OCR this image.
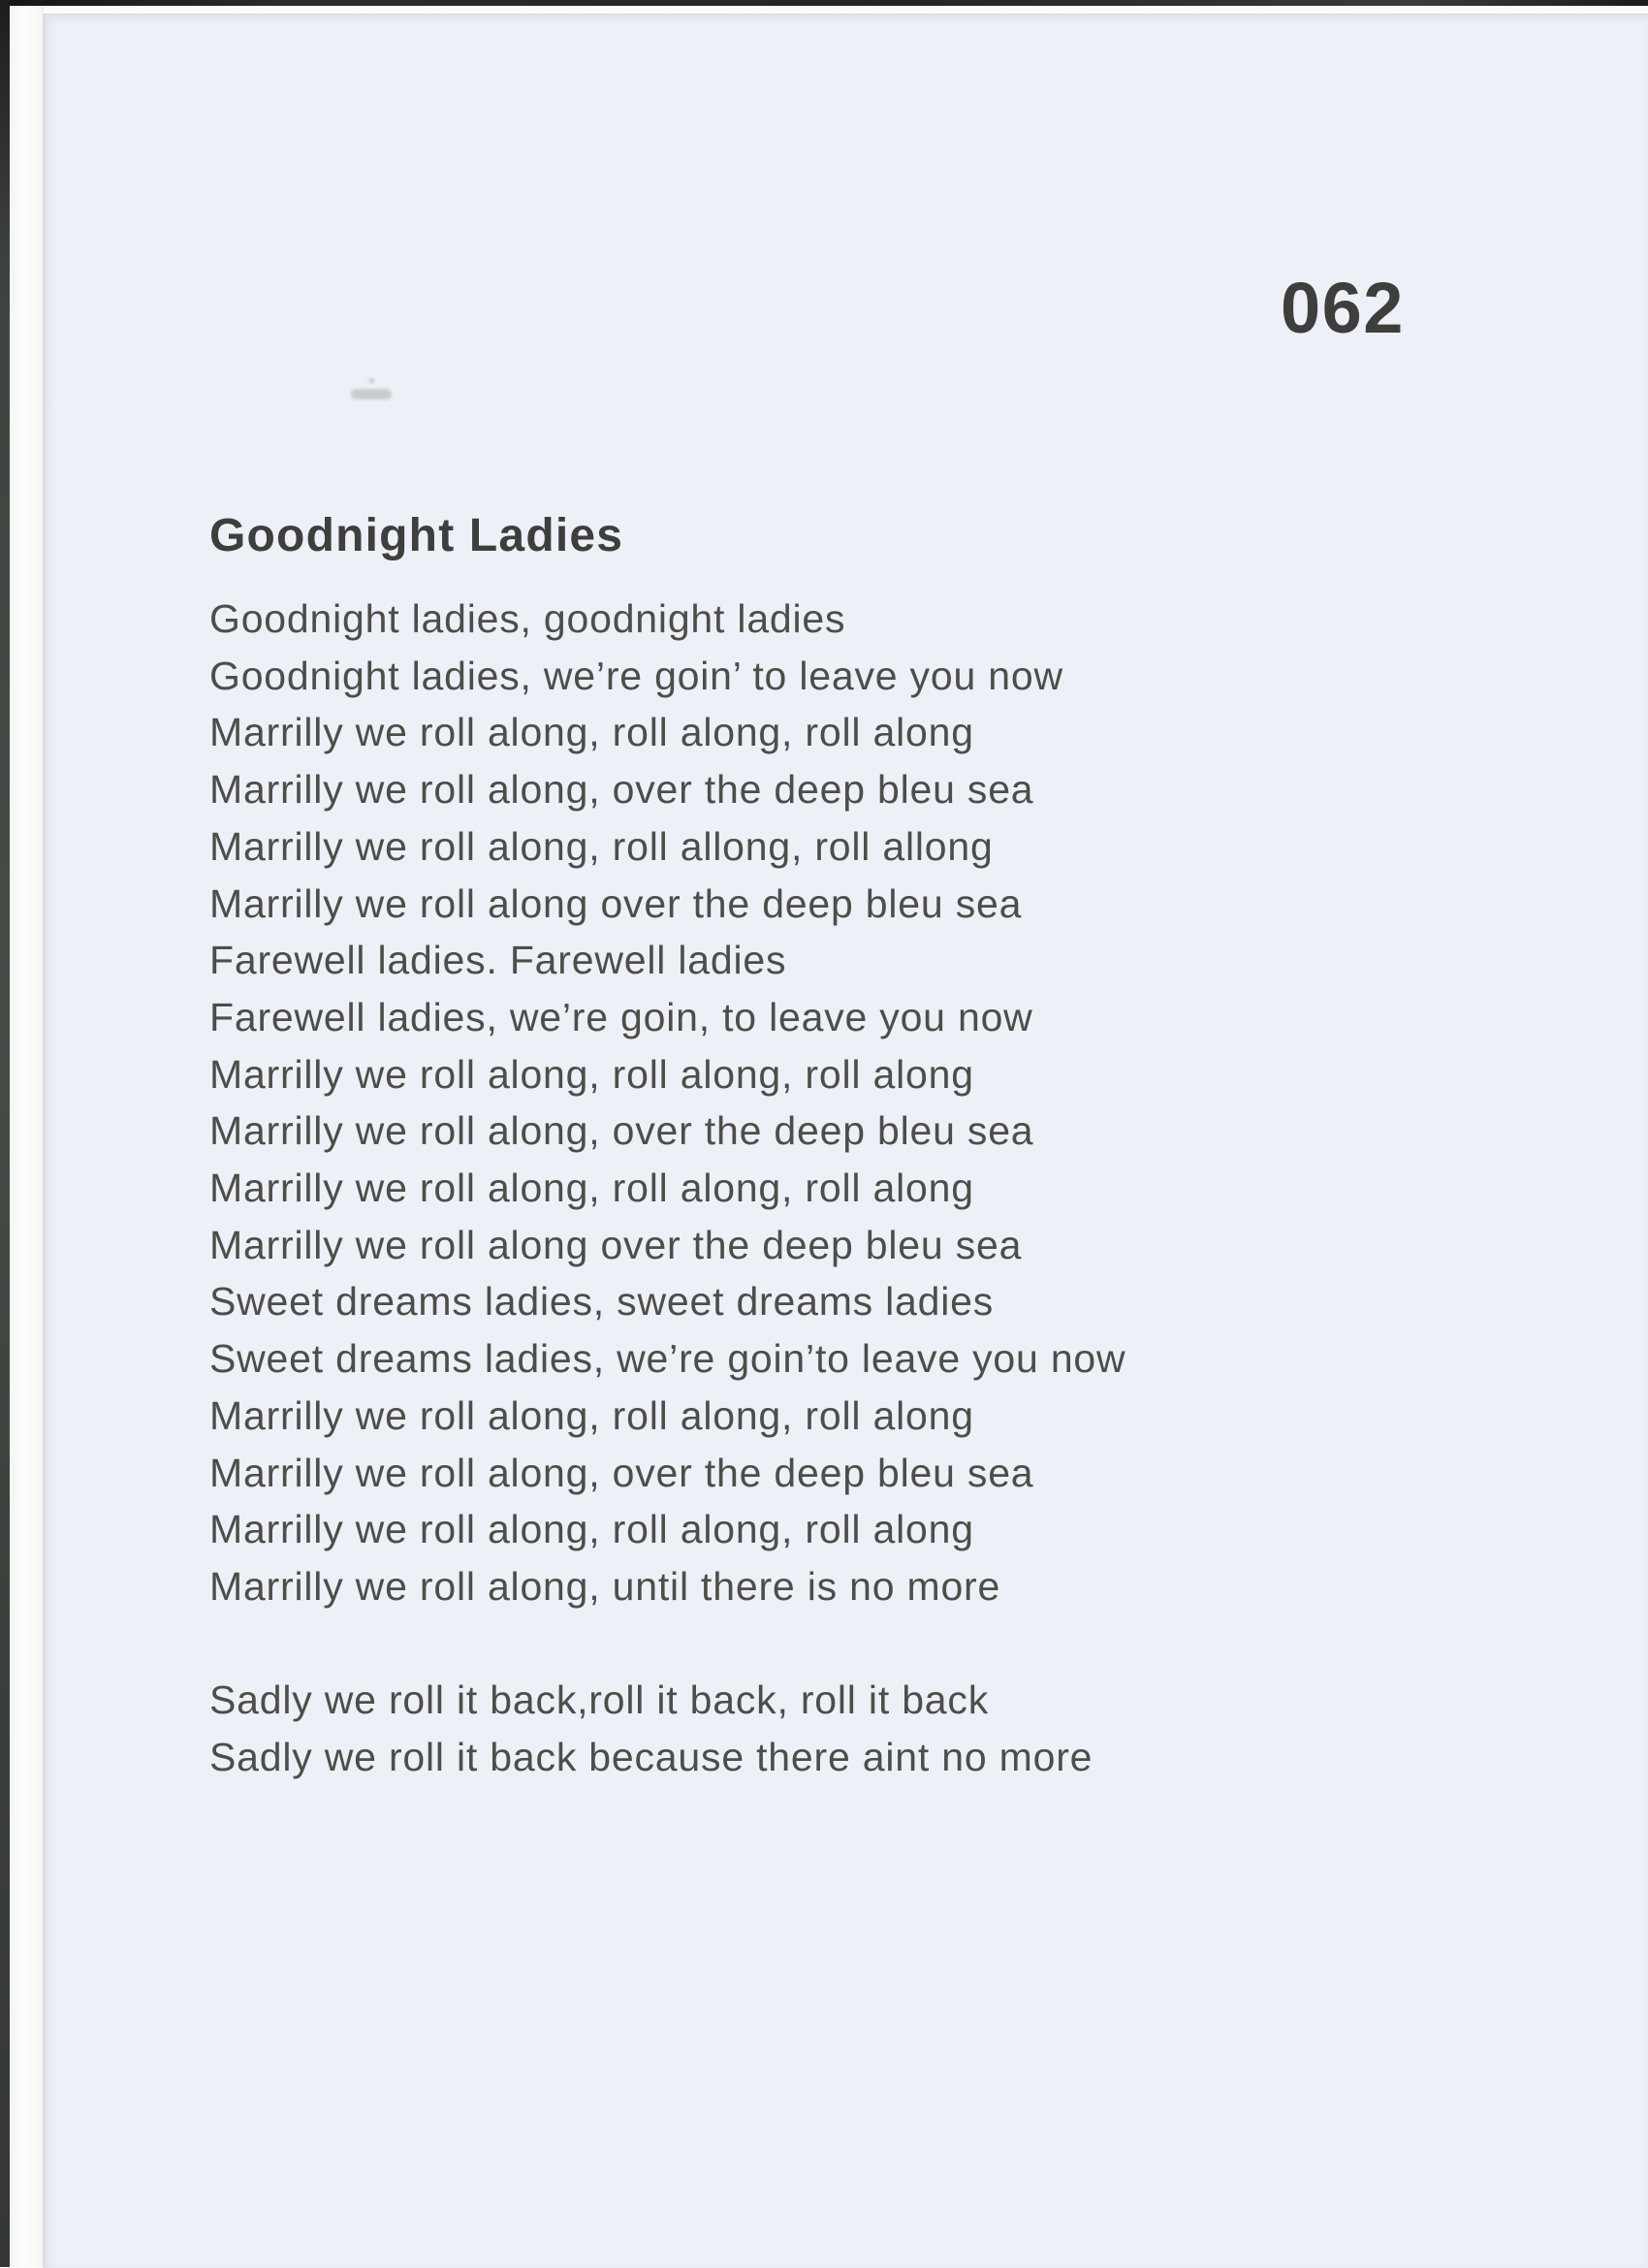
062
Goodnight Ladies
Goodnight ladies, goodnight ladies
Goodnight ladies, we’re goin’ to leave you now
Marrilly we roll along, roll along, roll along
Marrilly we roll along, over the deep bleu sea
Marrilly we roll along, roll allong, roll allong
Marrilly we roll along over the deep bleu sea
Farewell ladies. Farewell ladies
Farewell ladies, we’re goin, to leave you now
Marrilly we roll along, roll along, roll along
Marrilly we roll along, over the deep bleu sea
Marrilly we roll along, roll along, roll along
Marrilly we roll along over the deep bleu sea
Sweet dreams ladies, sweet dreams ladies
Sweet dreams ladies, we’re goin’to leave you now
Marrilly we roll along, roll along, roll along
Marrilly we roll along, over the deep bleu sea
Marrilly we roll along, roll along, roll along
Marrilly we roll along, until there is no more
Sadly we roll it back,roll it back, roll it back
Sadly we roll it back because there aint no more
